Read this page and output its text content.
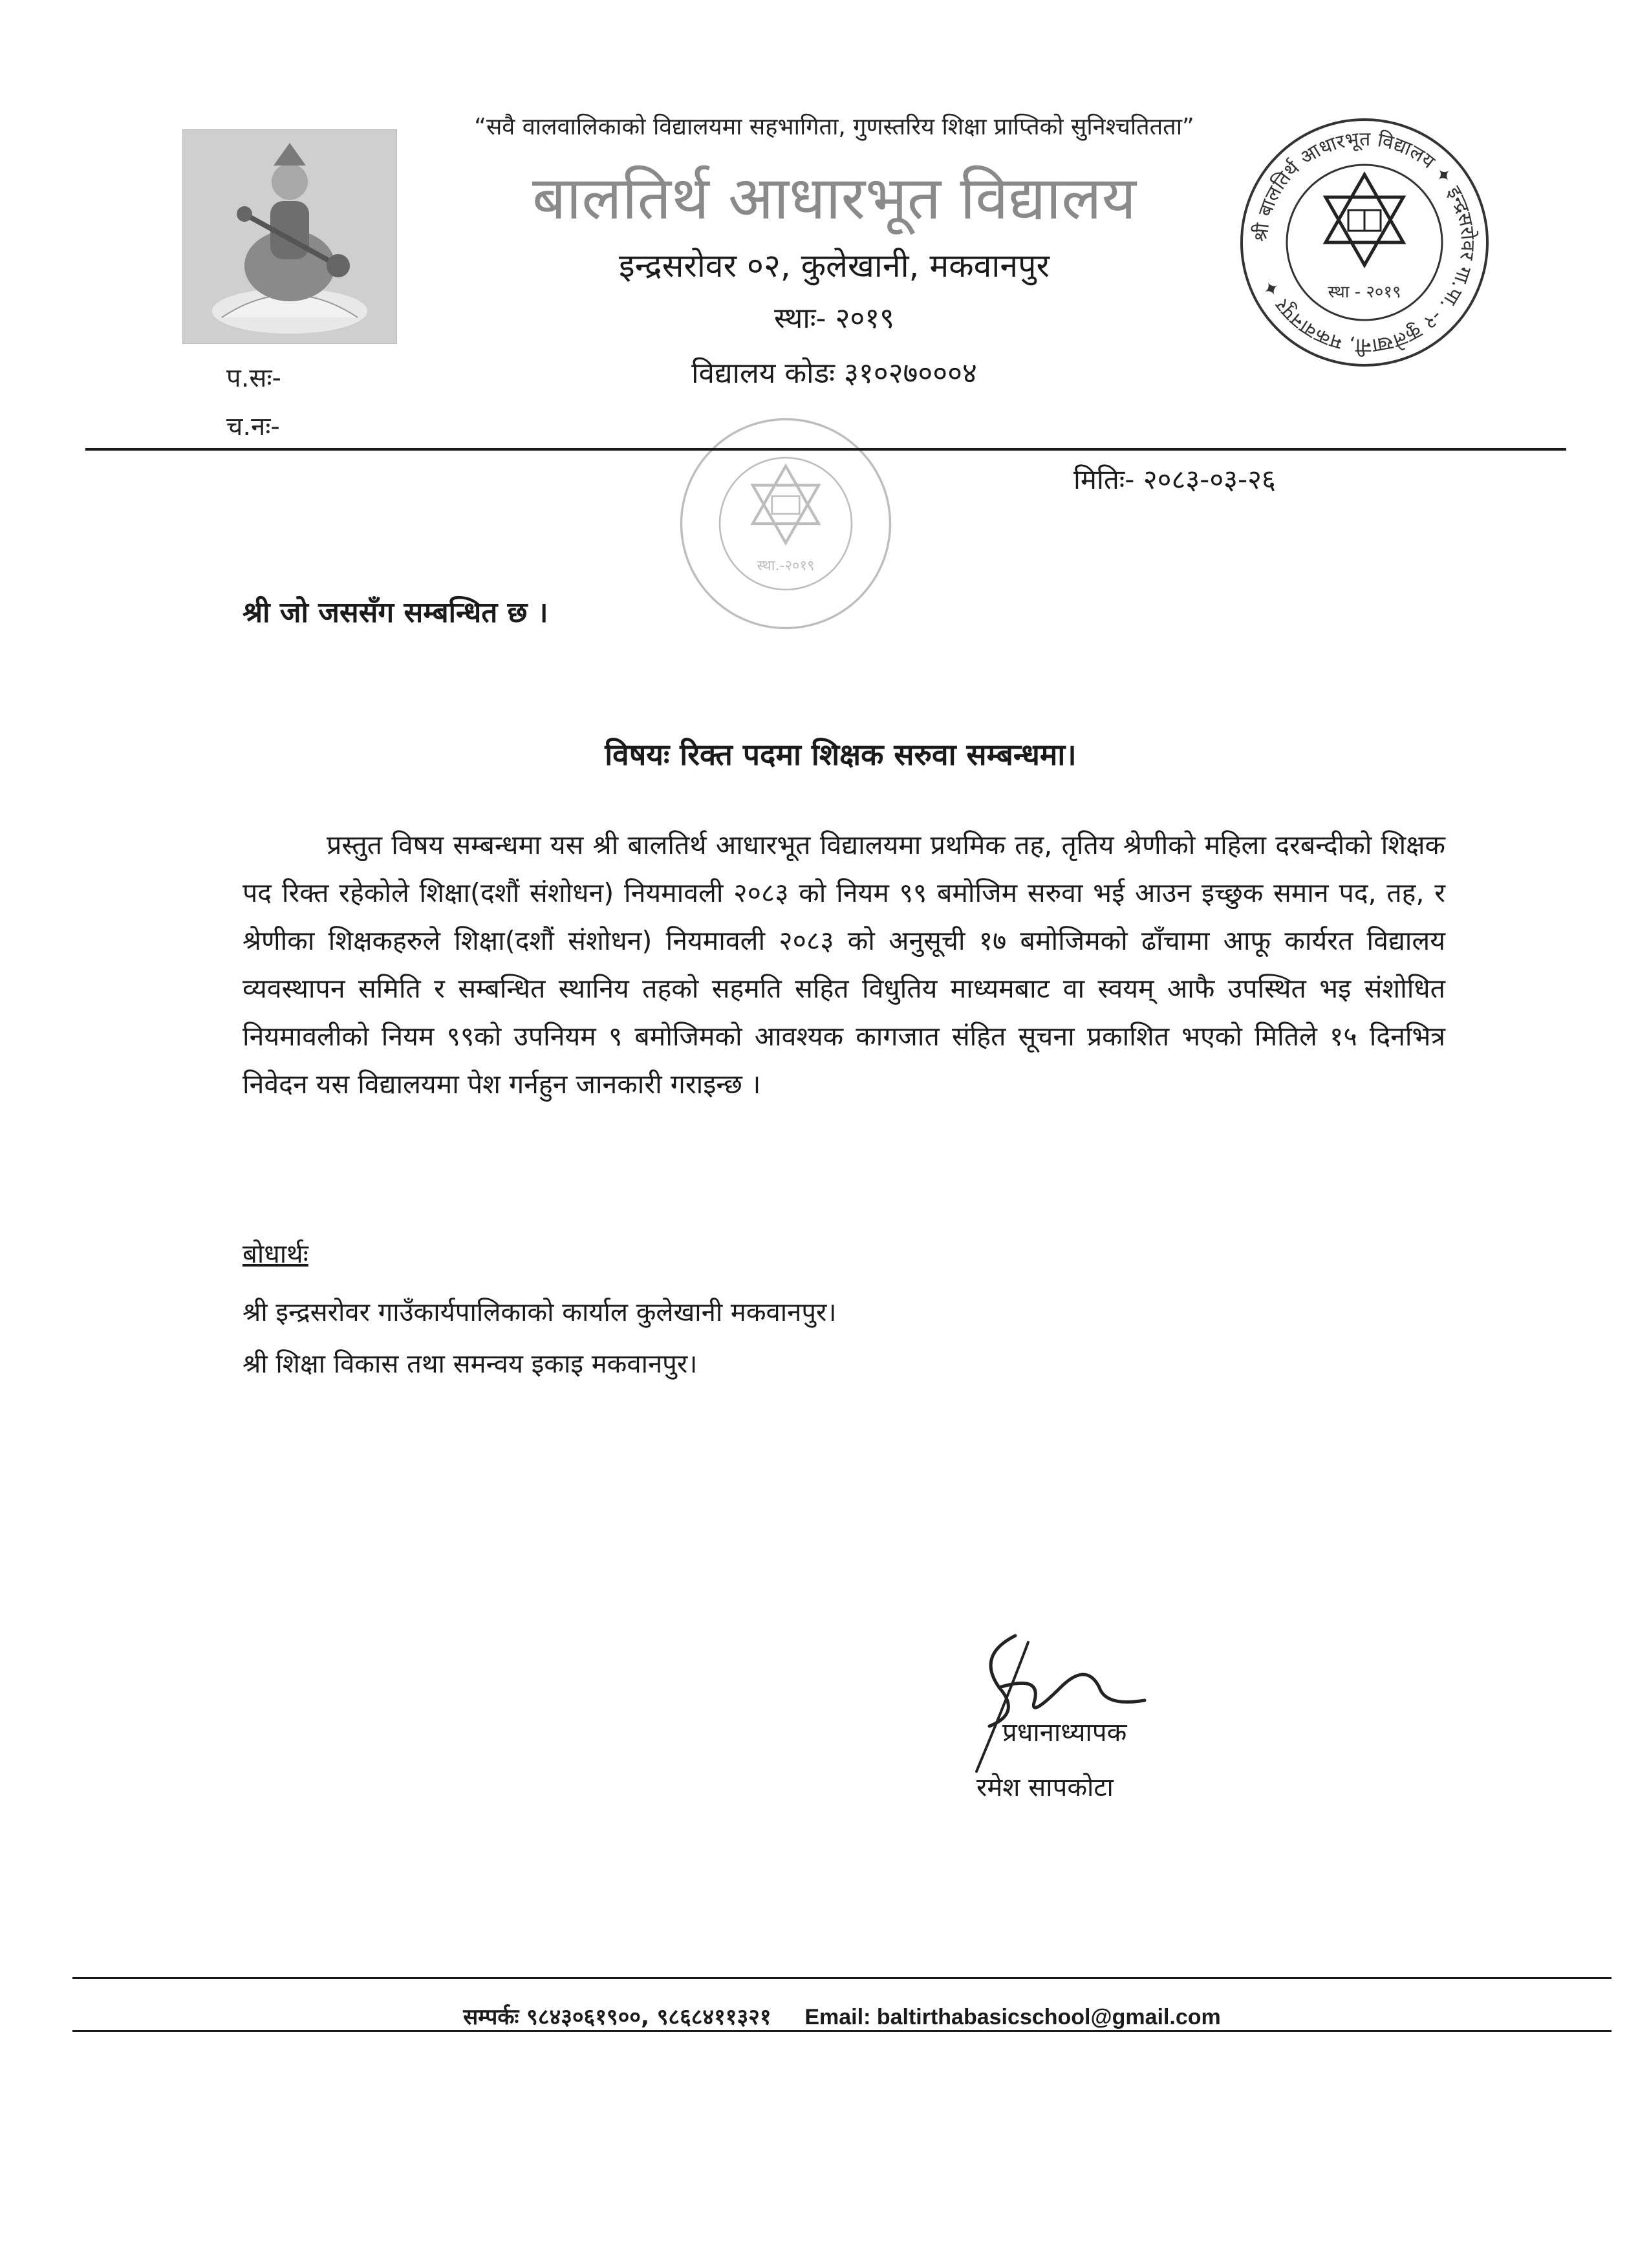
“सवै वालवालिकाको विद्यालयमा सहभागिता, गुणस्तरिय शिक्षा प्राप्तिको सुनिश्चतितता”
बालतिर्थ आधारभूत विद्यालय
इन्द्रसरोवर ०२, कुलेखानी, मकवानपुर
स्थाः- २०१९
विद्यालय कोडः ३१०२७०००४
श्री बालतिर्थ आधारभूत विद्यालय ✦ इन्द्रसरोवर गा.पा. -२ कुलेखानी, मकवानपुर ✦	स्था - २०१९
स्था.-२०१९
प.सः-
च.नः-
मितिः- २०८३-०३-२६
श्री जो जससँग सम्बन्धित छ ।
विषयः रिक्त पदमा शिक्षक सरुवा सम्बन्धमा।
प्रस्तुत विषय सम्बन्धमा यस श्री बालतिर्थ आधारभूत विद्यालयमा प्रथमिक तह, तृतिय श्रेणीको महिला दरबन्दीको शिक्षक पद रिक्त रहेकोले शिक्षा(दशौं संशोधन) नियमावली २०८३ को नियम ९९ बमोजिम सरुवा भई आउन इच्छुक समान पद, तह, र श्रेणीका शिक्षकहरुले शिक्षा(दशौं संशोधन) नियमावली २०८३ को अनुसूची १७ बमोजिमको ढाँचामा आफू कार्यरत विद्यालय व्यवस्थापन समिति र सम्बन्धित स्थानिय तहको सहमति सहित विधुतिय माध्यमबाट वा स्वयम् आफै उपस्थित भइ संशोधित नियमावलीको नियम ९९को उपनियम ९ बमोजिमको आवश्यक कागजात संहित सूचना प्रकाशित भएको मितिले १५ दिनभित्र निवेदन यस विद्यालयमा पेश गर्नहुन जानकारी गराइन्छ ।
बोधार्थः
श्री इन्द्रसरोवर गाउँकार्यपालिकाको कार्याल कुलेखानी मकवानपुर।
श्री शिक्षा विकास तथा समन्वय इकाइ मकवानपुर।
प्रधानाध्यापक
रमेश सापकोटा
सम्पर्कः ९८४३०६१९००, ९८६८४११३२१ Email: baltirthabasicschool@gmail.com
